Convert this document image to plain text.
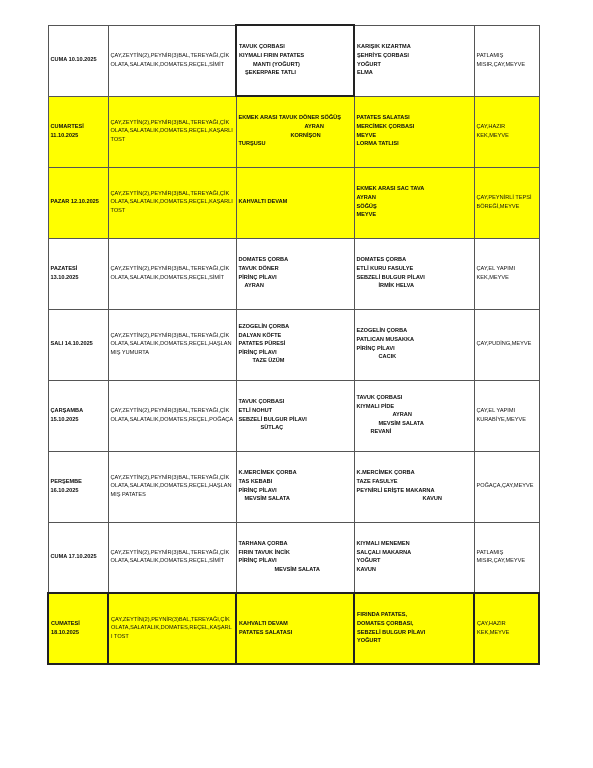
CUMA 10.10.2025	ÇAY,ZEYTİN(2),PEYNİR(3)BAL,TEREYAĞI,ÇİKOLATA,SALATALIK,DOMATES,REÇEL,SİMİT	TAVUK ÇORBASI
KIYMALI FIRIN PATATES
MANTI (YOĞURT)
ŞEKERPARE TATLI	KARIŞIK KIZARTMA
ŞEHRİYE ÇORBASI
YOĞURT
ELMA	PATLAMIŞ MISIR,ÇAY,MEYVE
CUMARTESİ 11.10.2025	ÇAY,ZEYTİN(2),PEYNİR(3)BAL,TEREYAĞI,ÇİKOLATA,SALATALIK,DOMATES,REÇEL,KAŞARLI TOST	EKMEK ARASI TAVUK DÖNER SÖĞÜŞ
AYRAN
KORNİŞON
TURŞUSU	PATATES SALATASI
MERCİMEK ÇORBASI
MEYVE
LORMA TATLISI	ÇAY,HAZIR KEK,MEYVE
PAZAR 12.10.2025	ÇAY,ZEYTİN(2),PEYNİR(3)BAL,TEREYAĞI,ÇİKOLATA,SALATALIK,DOMATES,REÇEL,KAŞARLI TOST	KAHVALTI DEVAM	EKMEK ARASI SAC TAVA
AYRAN
SÖĞÜŞ
MEYVE	ÇAY,PEYNİRLİ TEPSİ BÖREĞİ,MEYVE
PAZATESİ 13.10.2025	ÇAY,ZEYTİN(2),PEYNİR(3)BAL,TEREYAĞI,ÇİKOLATA,SALATALIK,DOMATES,REÇEL,SİMİT	DOMATES ÇORBA
TAVUK DÖNER
PİRİNÇ PİLAVI
AYRAN	DOMATES ÇORBA
ETLİ KURU FASULYE
SEBZELİ BULGUR PİLAVI
İRMİK HELVA	ÇAY,EL YAPIMI KEK,MEYVE
SALI 14.10.2025	ÇAY,ZEYTİN(2),PEYNİR(3)BAL,TEREYAĞI,ÇİKOLATA,SALATALIK,DOMATES,REÇEL,HAŞLANMIŞ YUMURTA	EZOGELİN ÇORBA
DALYAN KÖFTE
PATATES PÜRESİ
PİRİNÇ PİLAVI
TAZE ÜZÜM	EZOGELİN ÇORBA
PATLICAN MUSAKKA
PİRİNÇ PİLAVI
CACIK	ÇAY,PUDİNG,MEYVE
ÇARŞAMBA 15.10.2025	ÇAY,ZEYTİN(2),PEYNİR(3)BAL,TEREYAĞI,ÇİKOLATA,SALATALIK,DOMATES,REÇEL,POĞAÇA	TAVUK ÇORBASI
ETLİ NOHUT
SEBZELİ BULGUR PİLAVI
SÜTLAÇ	TAVUK ÇORBASI
KIYMALI PİDE
AYRAN
MEVSİM SALATA
REVANİ	ÇAY,EL YAPIMI KURABİYE,MEYVE
PERŞEMBE 16.10.2025	ÇAY,ZEYTİN(2),PEYNİR(3)BAL,TEREYAĞI,ÇİKOLATA,SALATALIK,DOMATES,REÇEL,HAŞLANMIŞ PATATES	K.MERCİMEK ÇORBA
TAS KEBABI
PİRİNÇ PİLAVI
MEVSİM SALATA	K.MERCİMEK ÇORBA
TAZE FASULYE
PEYNİRLİ ERİŞTE MAKARNA
KAVUN	POĞAÇA,ÇAY,MEYVE
CUMA 17.10.2025	ÇAY,ZEYTİN(2),PEYNİR(3)BAL,TEREYAĞI,ÇİKOLATA,SALATALIK,DOMATES,REÇEL,SİMİT	TARHANA ÇORBA
FIRIN TAVUK İNCİK
PİRİNÇ PİLAVI
MEVSİM SALATA	KIYMALI MENEMEN
SALÇALI MAKARNA
YOĞURT
KAVUN	PATLAMIŞ MISIR,ÇAY,MEYVE
CUMATESİ 18.10.2025	ÇAY,ZEYTİN(2),PEYNİR(3)BAL,TEREYAĞI,ÇİKOLATA,SALATALIK,DOMATES,REÇEL,KAŞARLI TOST	KAHVALTI DEVAM
PATATES SALATASI	FIRINDA PATATES,
DOMATES ÇORBASI,
SEBZELİ BULGUR PİLAVI
YOĞURT	ÇAY,HAZIR KEK,MEYVE
